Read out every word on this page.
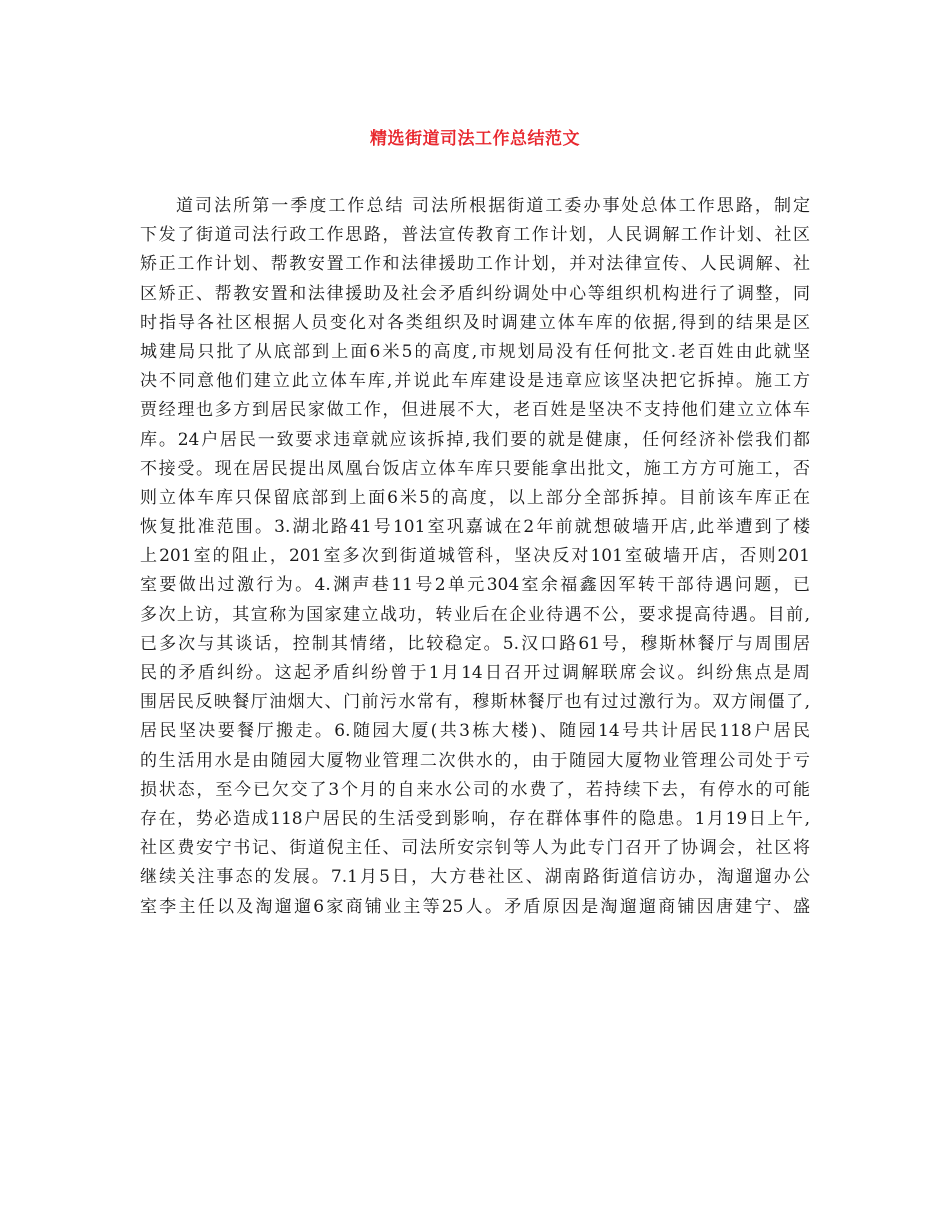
精选街道司法工作总结范文
道司法所第一季度工作总结 司法所根据街道工委办事处总体工作思路，制定
下发了街道司法行政工作思路，普法宣传教育工作计划，人民调解工作计划、社区
矫正工作计划、帮教安置工作和法律援助工作计划，并对法律宣传、人民调解、社
区矫正、帮教安置和法律援助及社会矛盾纠纷调处中心等组织机构进行了调整，同
时指导各社区根据人员变化对各类组织及时调建立体车库的依据,得到的结果是区
城建局只批了从底部到上面6米5的高度,市规划局没有任何批文.老百姓由此就坚
决不同意他们建立此立体车库,并说此车库建设是违章应该坚决把它拆掉。施工方
贾经理也多方到居民家做工作，但进展不大，老百姓是坚决不支持他们建立立体车
库。24户居民一致要求违章就应该拆掉,我们要的就是健康，任何经济补偿我们都
不接受。现在居民提出凤凰台饭店立体车库只要能拿出批文，施工方方可施工，否
则立体车库只保留底部到上面6米5的高度，以上部分全部拆掉。目前该车库正在
恢复批准范围。3.湖北路41号101室巩嘉诚在2年前就想破墙开店,此举遭到了楼
上201室的阻止，201室多次到街道城管科，坚决反对101室破墙开店，否则201
室要做出过激行为。4.渊声巷11号2单元304室余福鑫因军转干部待遇问题，已
多次上访，其宣称为国家建立战功，转业后在企业待遇不公，要求提高待遇。目前,
已多次与其谈话，控制其情绪，比较稳定。5.汉口路61号，穆斯林餐厅与周围居
民的矛盾纠纷。这起矛盾纠纷曾于1月14日召开过调解联席会议。纠纷焦点是周
围居民反映餐厅油烟大、门前污水常有，穆斯林餐厅也有过过激行为。双方闹僵了,
居民坚决要餐厅搬走。6.随园大厦(共3栋大楼)、随园14号共计居民118户居民
的生活用水是由随园大厦物业管理二次供水的，由于随园大厦物业管理公司处于亏
损状态，至今已欠交了3个月的自来水公司的水费了，若持续下去，有停水的可能
存在，势必造成118户居民的生活受到影响，存在群体事件的隐患。1月19日上午,
社区费安宁书记、街道倪主任、司法所安宗钊等人为此专门召开了协调会，社区将
继续关注事态的发展。7.1月5日，大方巷社区、湖南路街道信访办，淘遛遛办公
室李主任以及淘遛遛6家商铺业主等25人。矛盾原因是淘遛遛商铺因唐建宁、盛
